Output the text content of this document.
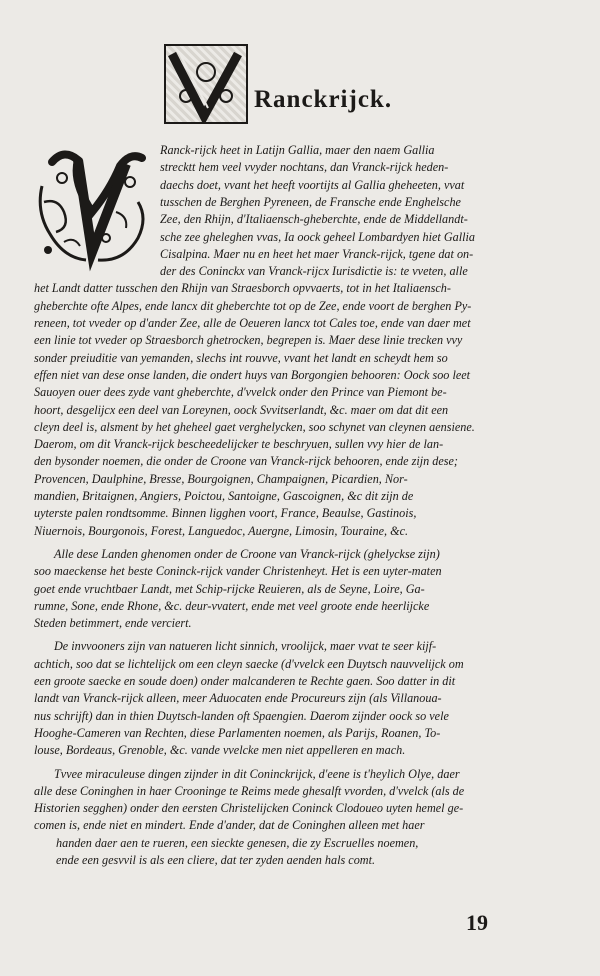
Ranckrijck.
Ranck-rijck heet in Latijn Gallia, maer den naem Gallia
strecktt hem veel vvyder nochtans, dan Vranck-rijck heden-
daechs doet, vvant het heeft voortijts al Gallia gheheeten, vvat
tusschen de Berghen Pyreneen, de Fransche ende Enghelsche
Zee, den Rhijn, d'Italiaensch-gheberchte, ende de Middellandt-
sche zee gheleghen vvas, Ia oock geheel Lombardyen hiet Gallia
Cisalpina. Maer nu en heet het maer Vranck-rijck, tgene dat on-
der des Coninckx van Vranck-rijcx Iurisdictie is: te vveten, alle
het Landt datter tusschen den Rhijn van Straesborch opvvaerts, tot in het Italiaensch-
gheberchte ofte Alpes, ende lancx dit gheberchte tot op de Zee, ende voort de berghen Py-
reneen, tot vveder op d'ander Zee, alle de Oeueren lancx tot Cales toe, ende van daer met
een linie tot vveder op Straesborch ghetrocken, begrepen is. Maer dese linie trecken vvy
sonder preiuditie van yemanden, slechs int rouvve, vvant het landt en scheydt hem so
effen niet van dese onse landen, die ondert huys van Borgongien behooren: Oock soo leet
Sauoyen ouer dees zyde vant gheberchte, d'vvelck onder den Prince van Piemont be-
hoort, desgelijcx een deel van Loreynen, oock Svvitserlandt, &c. maer om dat dit een
cleyn deel is, alsment by het gheheel gaet verghelycken, soo schynet van cleynen aensiene.
Daerom, om dit Vranck-rijck bescheedelijcker te beschryuen, sullen vvy hier de lan-
den bysonder noemen, die onder de Croone van Vranck-rijck behooren, ende zijn dese;
Provencen, Daulphine, Bresse, Bourgoignen, Champaignen, Picardien, Nor-
mandien, Britaignen, Angiers, Poictou, Santoigne, Gascoignen, &c dit zijn de
uyterste palen rondtsomme. Binnen ligghen voort, France, Beaulse, Gastinois,
Niuernois, Bourgonois, Forest, Languedoc, Auergne, Limosin, Touraine, &c.
Alle dese Landen ghenomen onder de Croone van Vranck-rijck (ghelyckse zijn)
soo maeckense het beste Coninck-rijck vander Christenheyt. Het is een uyter-maten
goet ende vruchtbaer Landt, met Schip-rijcke Reuieren, als de Seyne, Loire, Ga-
rumne, Sone, ende Rhone, &c. deur-vvatert, ende met veel groote ende heerlijcke
Steden betimmert, ende verciert.
De invvooners zijn van natueren licht sinnich, vroolijck, maer vvat te seer kijf-
achtich, soo dat se lichtelijck om een cleyn saecke (d'vvelck een Duytsch nauvvelijck om
een groote saecke en soude doen) onder malcanderen te Rechte gaen. Soo datter in dit
landt van Vranck-rijck alleen, meer Aduocaten ende Procureurs zijn (als Villanoua-
nus schrijft) dan in thien Duytsch-landen oft Spaengien. Daerom zijnder oock so vele
Hooghe-Cameren van Rechten, diese Parlamenten noemen, als Parijs, Roanen, To-
louse, Bordeaus, Grenoble, &c. vande vvelcke men niet appelleren en mach.
Tvvee miraculeuse dingen zijnder in dit Coninckrijck, d'eene is t'heylich Olye, daer
alle dese Coninghen in haer Crooninge te Reims mede ghesalft vvorden, d'vvelck (als de
Historien segghen) onder den eersten Christelijcken Coninck Clodoueo uyten hemel ge-
comen is, ende niet en mindert. Ende d'ander, dat de Coninghen alleen met haer
handen daer aen te rueren, een sieckte genesen, die zy Escruelles noemen,
ende een gesvvil is als een cliere, dat ter zyden aenden hals comt.
19
